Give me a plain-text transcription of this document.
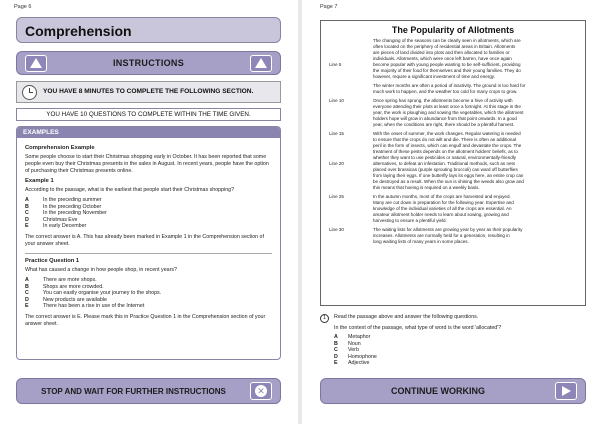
Page 6
Comprehension
INSTRUCTIONS
YOU HAVE 8 MINUTES TO COMPLETE THE FOLLOWING SECTION.
YOU HAVE 10 QUESTIONS TO COMPLETE WITHIN THE TIME GIVEN.
EXAMPLES
Comprehension Example

Some people choose to start their Christmas shopping early in October. It has been reported that some people even buy their Christmas presents in the sales in August. In recent years, people have the option of purchasing their Christmas presents online.

Example 1

According to the passage, what is the earliest that people start their Christmas shopping?

A	In the preceding summer
B	In the preceding October
C	In the preceding November
D	Christmas Eve
E	In early December

The correct answer is A. This has already been marked in Example 1 in the Comprehension section of your answer sheet.

Practice Question 1

What has caused a change in how people shop, in recent years?

A	There are more shops.
B	Shops are more crowded.
C	You can easily organise your journey to the shops.
D	New products are available
E	There has been a rise in use of the Internet

The correct answer is E. Please mark this in Practice Question 1 in the Comprehension section of your answer sheet.

STOP AND WAIT FOR FURTHER INSTRUCTIONS	✕
Page 7
The Popularity of Allotments
The changing of the seasons can be clearly seen in allotments, which are
often located on the periphery of residential areas in Britain. Allotments
are pieces of land divided into plots and then allocated to families or
individuals. Allotments, which were once left barren, have once again
Line 5	become popular with young people wanting to be self-sufficient, providing
the majority of their food for themselves and their young families. They do
however, require a significant investment of time and energy.
The winter months are often a period of inactivity. The ground is too hard for
much work to happen, and the weather too cold for many crops to grow.
Line 10	Once spring has sprung, the allotments become a hive of activity with
everyone attending their plots at least once a fortnight. At this stage in the
year, the work is ploughing and sowing the vegetables, which the allotment
holders hope will grow in abundance from that point onwards. In a good
year, when the conditions are right, there should be a plentiful harvest.
Line 15	With the onset of summer, the work changes. Regular watering is needed
to ensure that the crops do not wilt and die. There is often an additional
peril in the form of insects, which can engulf and devastate the crops. The
treatment of these pests depends on the allotment holders' beliefs, as to
whether they want to use pesticides or natural, environmentally-friendly
Line 20	alternatives, to defeat an infestation. Traditional methods, such as nets
placed over brassicas (purple sprouting broccoli) can ward off butterflies
from laying their eggs. If one butterfly lays its eggs here, an entire crop can
be destroyed as a result. When the sun is shining the weeds also grow and
this means that hoeing is required on a weekly basis.
Line 25	In the autumn months, most of the crops are harvested and enjoyed.
Many are cut down in preparation for the following year. Expertise and
knowledge of the individual varieties of all the crops are essential. An
amateur allotment holder needs to learn about sowing, growing and
harvesting to ensure a plentiful yield.
Line 30	The waiting lists for allotments are growing year by year as their popularity
increases. Allotments are normally held for a generation, resulting in
long waiting lists of many years in some places.
1	Read the passage above and answer the following questions.
In the context of the passage, what type of word is the word 'allocated'?
A	Metaphor
B	Noun
C	Verb
D	Homophone
E	Adjective
CONTINUE WORKING
